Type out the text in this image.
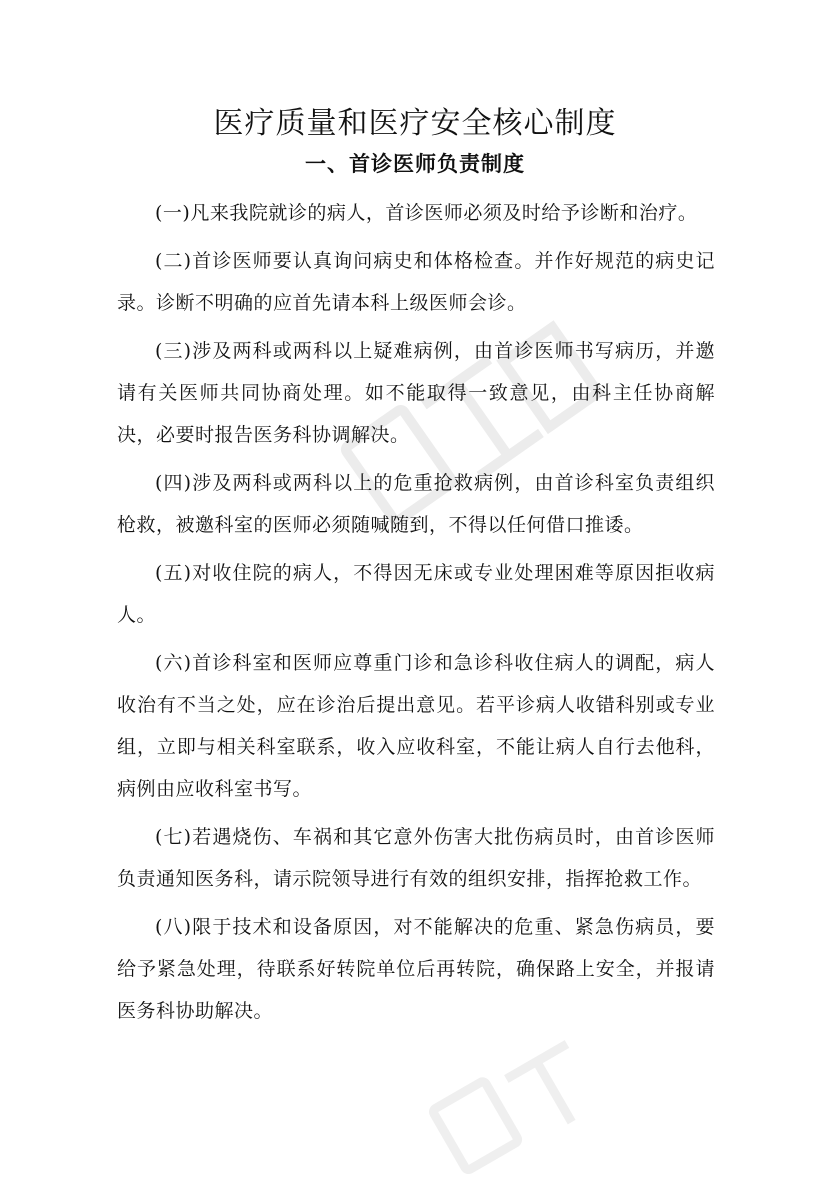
医疗质量和医疗安全核心制度
一、首诊医师负责制度

(一)凡来我院就诊的病人，首诊医师必须及时给予诊断和治疗。

(二)首诊医师要认真询问病史和体格检查。并作好规范的病史记录。诊断不明确的应首先请本科上级医师会诊。

(三)涉及两科或两科以上疑难病例，由首诊医师书写病历，并邀请有关医师共同协商处理。如不能取得一致意见，由科主任协商解决，必要时报告医务科协调解决。

(四)涉及两科或两科以上的危重抢救病例，由首诊科室负责组织枪救，被邀科室的医师必须随喊随到，不得以任何借口推诿。

(五)对收住院的病人，不得因无床或专业处理困难等原因拒收病人。

(六)首诊科室和医师应尊重门诊和急诊科收住病人的调配，病人收治有不当之处，应在诊治后提出意见。若平诊病人收错科别或专业组，立即与相关科室联系，收入应收科室，不能让病人自行去他科，病例由应收科室书写。

(七)若遇烧伤、车祸和其它意外伤害大批伤病员时，由首诊医师负责通知医务科，请示院领导进行有效的组织安排，指挥抢救工作。

(八)限于技术和设备原因，对不能解决的危重、紧急伤病员，要给予紧急处理，待联系好转院单位后再转院，确保路上安全，并报请医务科协助解决。
